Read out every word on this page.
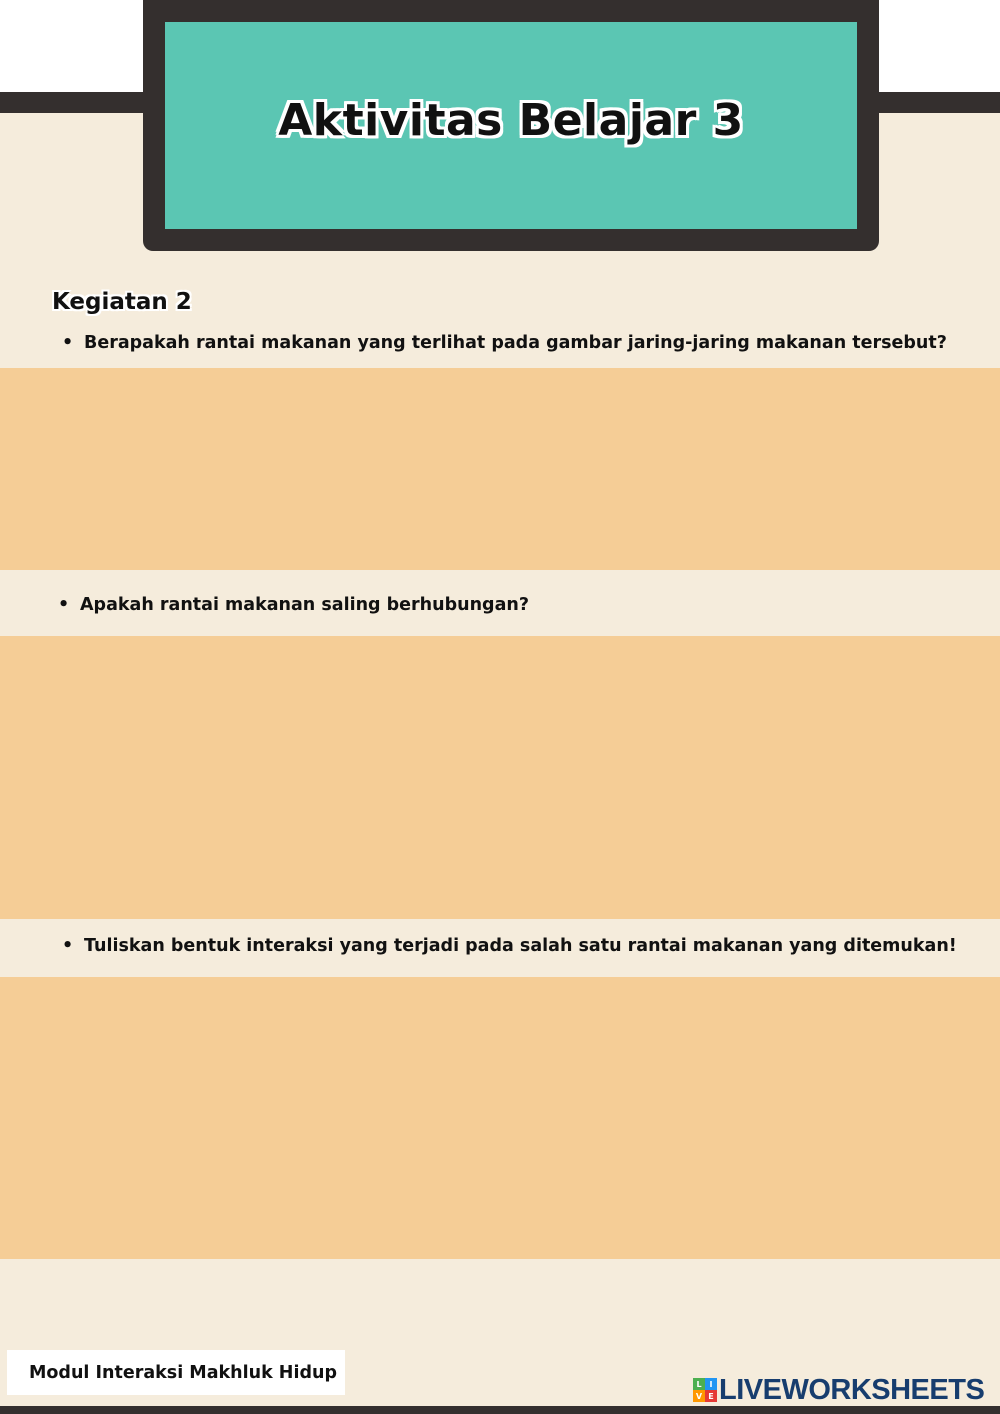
Aktivitas Belajar 3
Kegiatan 2
• Berapakah rantai makanan yang terlihat pada gambar jaring-jaring makanan tersebut?
• Apakah rantai makanan saling berhubungan?
• Tuliskan bentuk interaksi yang terjadi pada salah satu rantai makanan yang ditemukan!
Modul Interaksi Makhluk Hidup
L I
V E LIVEWORKSHEETS
